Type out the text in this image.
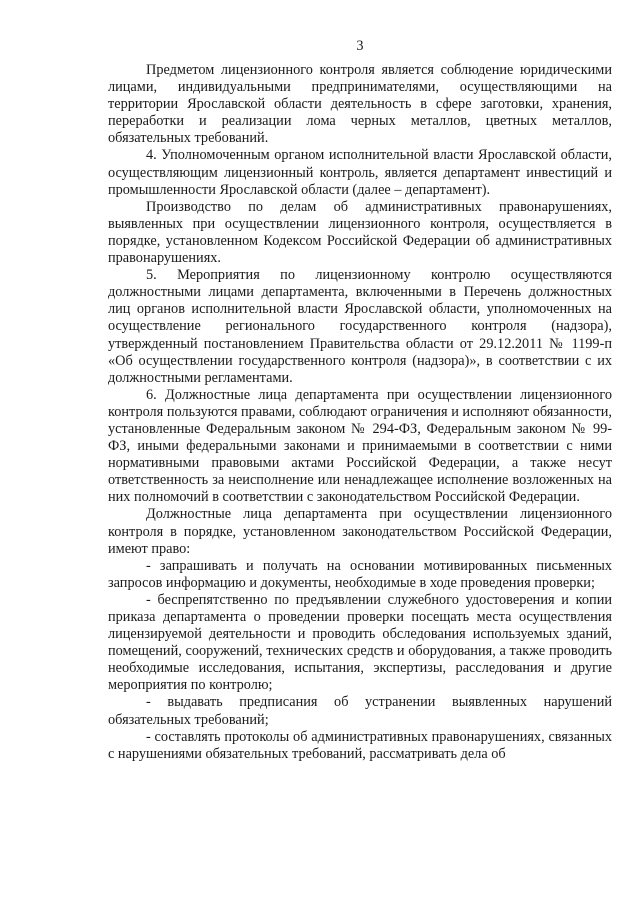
3

Предметом лицензионного контроля является соблюдение юридическими лицами, индивидуальными предпринимателями, осуществляющими на территории Ярославской области деятельность в сфере заготовки, хранения, переработки и реализации лома черных металлов, цветных металлов, обязательных требований.

4. Уполномоченным органом исполнительной власти Ярославской области, осуществляющим лицензионный контроль, является департамент инвестиций и промышленности Ярославской области (далее – департамент).

Производство по делам об административных правонарушениях, выявленных при осуществлении лицензионного контроля, осуществляется в порядке, установленном Кодексом Российской Федерации об административных правонарушениях.

5. Мероприятия по лицензионному контролю осуществляются должностными лицами департамента, включенными в Перечень должностных лиц органов исполнительной власти Ярославской области, уполномоченных на осуществление регионального государственного контроля (надзора), утвержденный постановлением Правительства области от 29.12.2011 № 1199-п «Об осуществлении государственного контроля (надзора)», в соответствии с их должностными регламентами.

6. Должностные лица департамента при осуществлении лицензионного контроля пользуются правами, соблюдают ограничения и исполняют обязанности, установленные Федеральным законом № 294-ФЗ, Федеральным законом № 99-ФЗ, иными федеральными законами и принимаемыми в соответствии с ними нормативными правовыми актами Российской Федерации, а также несут ответственность за неисполнение или ненадлежащее исполнение возложенных на них полномочий в соответствии с законодательством Российской Федерации.

Должностные лица департамента при осуществлении лицензионного контроля в порядке, установленном законодательством Российской Федерации, имеют право:

- запрашивать и получать на основании мотивированных письменных запросов информацию и документы, необходимые в ходе проведения проверки;

- беспрепятственно по предъявлении служебного удостоверения и копии приказа департамента о проведении проверки посещать места осуществления лицензируемой деятельности и проводить обследования используемых зданий, помещений, сооружений, технических средств и оборудования, а также проводить необходимые исследования, испытания, экспертизы, расследования и другие мероприятия по контролю;

- выдавать предписания об устранении выявленных нарушений обязательных требований;

- составлять протоколы об административных правонарушениях, связанных с нарушениями обязательных требований, рассматривать дела об
